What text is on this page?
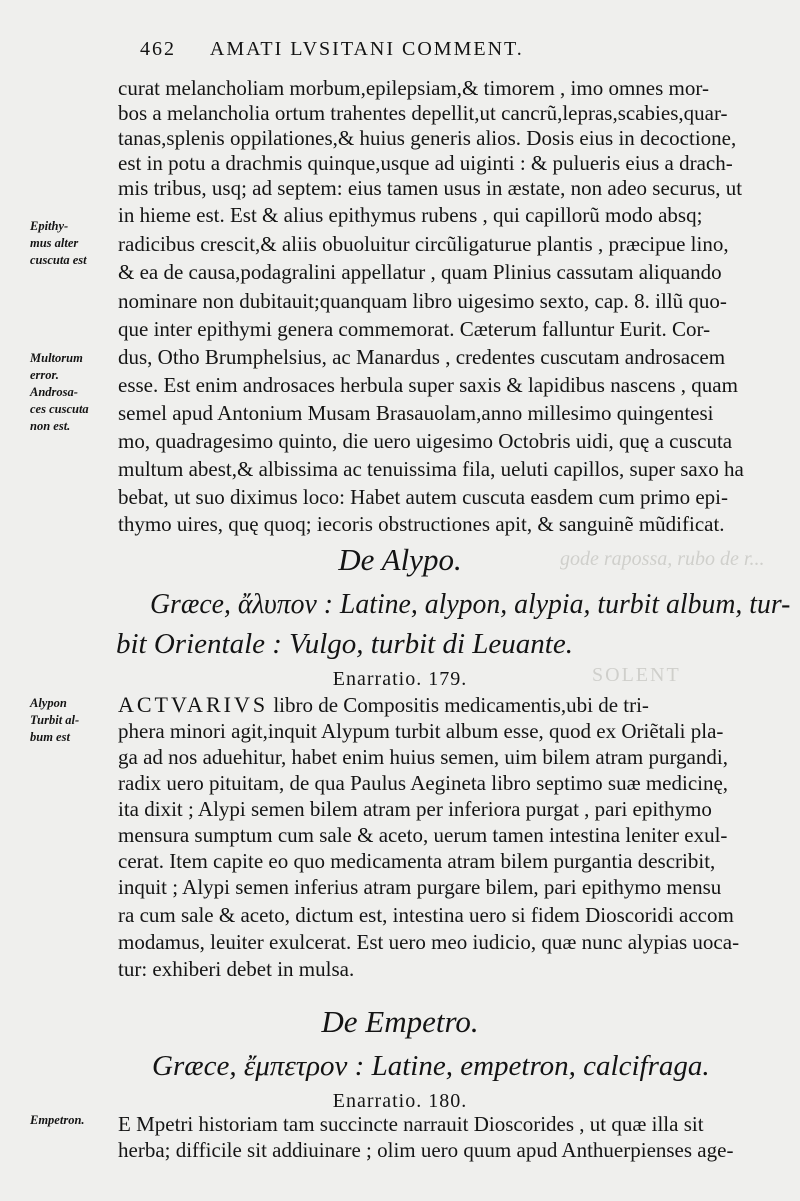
SOLENT
gode rapossa, rubo de r...
462 AMATI LVSITANI COMMENT.
curat melancholiam morbum,epilepsiam,& timorem , imo omnes mor-
bos a melancholia ortum trahentes depellit,ut cancrũ,lepras,scabies,quar-
tanas,splenis oppilationes,& huius generis alios. Dosis eius in decoctione,
est in potu a drachmis quinque,usque ad uiginti : & pulueris eius a drach-
mis tribus, usq; ad septem: eius tamen usus in æstate, non adeo securus, ut
in hieme est. Est & alius epithymus rubens , qui capillorũ modo absq;
radicibus crescit,& aliis obuoluitur circũligaturue plantis , præcipue lino,
& ea de causa,podagralini appellatur , quam Plinius cassutam aliquando
nominare non dubitauit;quanquam libro uigesimo sexto, cap. 8. illũ quo-
que inter epithymi genera commemorat. Cæterum falluntur Eurit. Cor-
dus, Otho Brumphelsius, ac Manardus , credentes cuscutam androsacem
esse. Est enim androsaces herbula super saxis & lapidibus nascens , quam
semel apud Antonium Musam Brasauolam,anno millesimo quingentesi
mo, quadragesimo quinto, die uero uigesimo Octobris uidi, quę a cuscuta
multum abest,& albissima ac tenuissima fila, ueluti capillos, super saxo ha
bebat, ut suo diximus loco: Habet autem cuscuta easdem cum primo epi-
thymo uires, quę quoq; iecoris obstructiones apit, & sanguinẽ mũdificat.
Epithy-
mus alter
cuscuta est
Multorum
error.
Androsa-
ces cuscuta
non est.
Alypon
Turbit al-
bum est
Empetron.
De Alypo.
Græce, ἄλυπον : Latine, alypon, alypia, turbit album, tur-
bit Orientale : Vulgo, turbit di Leuante.
Enarratio. 179.
ACTVARIVS libro de Compositis medicamentis,ubi de tri-
phera minori agit,inquit Alypum turbit album esse, quod ex Oriẽtali pla-
ga ad nos aduehitur, habet enim huius semen, uim bilem atram purgandi,
radix uero pituitam, de qua Paulus Aegineta libro septimo suæ medicinę,
ita dixit ; Alypi semen bilem atram per inferiora purgat , pari epithymo
mensura sumptum cum sale & aceto, uerum tamen intestina leniter exul-
cerat. Item capite eo quo medicamenta atram bilem purgantia describit,
inquit ; Alypi semen inferius atram purgare bilem, pari epithymo mensu
ra cum sale & aceto, dictum est, intestina uero si fidem Dioscoridi accom
modamus, leuiter exulcerat. Est uero meo iudicio, quæ nunc alypias uoca-
tur: exhiberi debet in mulsa.
De Empetro.
Græce, ἔμπετρον : Latine, empetron, calcifraga.
Enarratio. 180.
E Mpetri historiam tam succincte narrauit Dioscorides , ut quæ illa sit
herba; difficile sit addiuinare ; olim uero quum apud Anthuerpienses age-
